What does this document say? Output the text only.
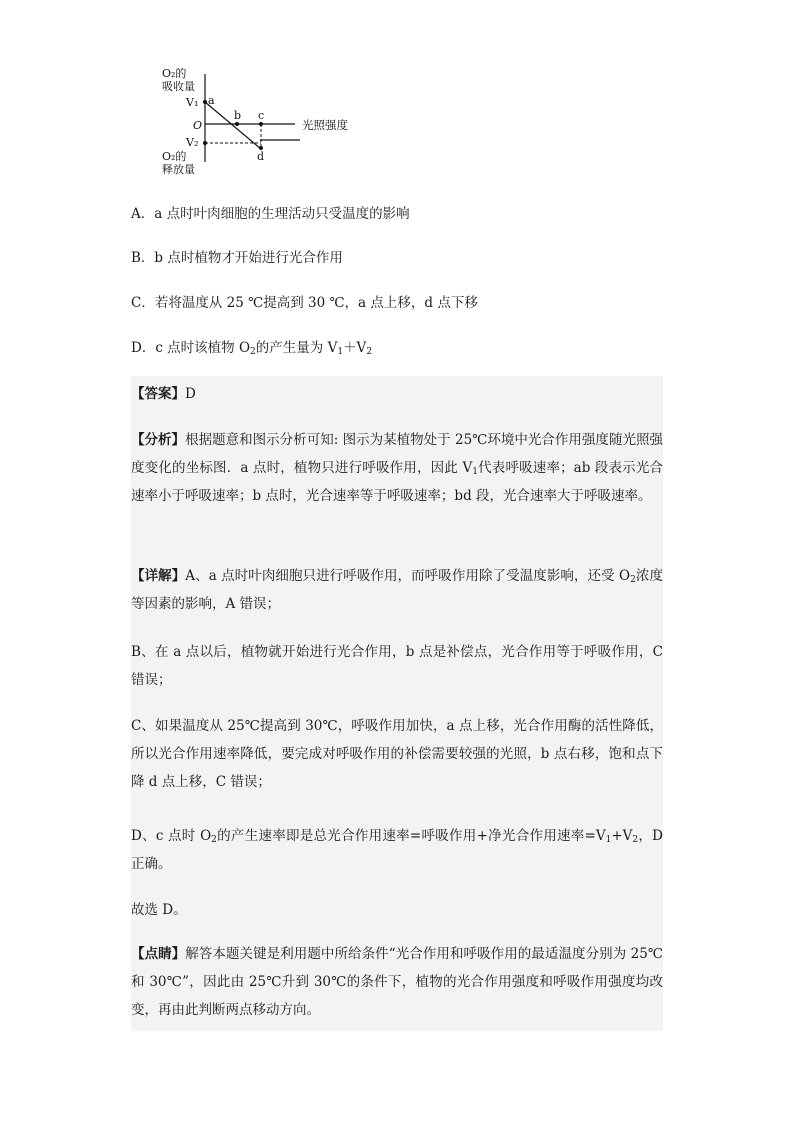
O₂的
吸收量
V₁ a
O
b c
光照强度
V₂
d
O₂的
释放量
A．a 点时叶肉细胞的生理活动只受温度的影响
B．b 点时植物才开始进行光合作用
C．若将温度从 25 ℃提高到 30 ℃，a 点上移，d 点下移
D．c 点时该植物 $O_2$的产生量为 $V_1+V_2$
【答案】D
【分析】根据题意和图示分析可知: 图示为某植物处于 25℃环境中光合作用强度随光照强度变化的坐标图．a 点时，植物只进行呼吸作用，因此 $V_1$代表呼吸速率；ab 段表示光合速率小于呼吸速率；b 点时，光合速率等于呼吸速率；bd 段，光合速率大于呼吸速率。
【详解】A、a 点时叶肉细胞只进行呼吸作用，而呼吸作用除了受温度影响，还受 $O_2$浓度等因素的影响，A 错误；
B、在 a 点以后，植物就开始进行光合作用，b 点是补偿点，光合作用等于呼吸作用，C 错误；
C、如果温度从 25℃提高到 30℃，呼吸作用加快，a 点上移，光合作用酶的活性降低，所以光合作用速率降低，要完成对呼吸作用的补偿需要较强的光照，b 点右移，饱和点下降 d 点上移，C 错误；
D、c 点时 $O_2$的产生速率即是总光合作用速率=呼吸作用+净光合作用速率$=V_1+V_2$，D 正确。
故选 D。
【点睛】解答本题关键是利用题中所给条件“光合作用和呼吸作用的最适温度分别为 25℃和 30℃”，因此由 25℃升到 30℃的条件下，植物的光合作用强度和呼吸作用强度均改变，再由此判断两点移动方向。
